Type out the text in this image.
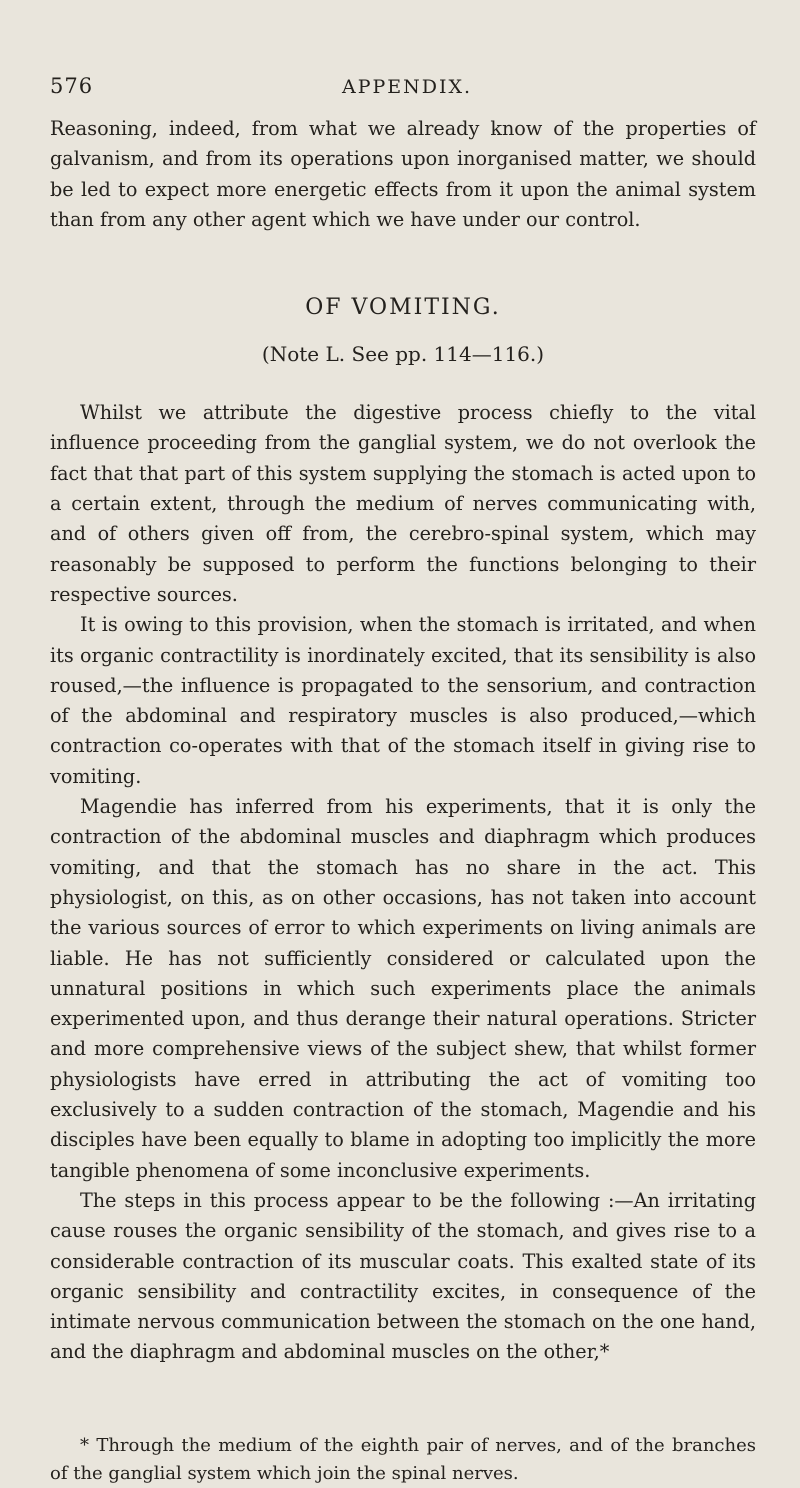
576	APPENDIX.

Reasoning, indeed, from what we already know of the properties of galvanism, and from its operations upon inorganised matter, we should be led to expect more energetic effects from it upon the animal system than from any other agent which we have under our control.

OF VOMITING.
(Note L. See pp. 114—116.)

Whilst we attribute the digestive process chiefly to the vital influence proceeding from the ganglial system, we do not overlook the fact that that part of this system supplying the stomach is acted upon to a certain extent, through the medium of nerves communicating with, and of others given off from, the cerebro-spinal system, which may reasonably be supposed to perform the functions belonging to their respective sources.

It is owing to this provision, when the stomach is irritated, and when its organic contractility is inordinately excited, that its sensibility is also roused,—the influence is propagated to the sensorium, and contraction of the abdominal and respiratory muscles is also produced,—which contraction co-operates with that of the stomach itself in giving rise to vomiting.

Magendie has inferred from his experiments, that it is only the contraction of the abdominal muscles and diaphragm which produces vomiting, and that the stomach has no share in the act. This physiologist, on this, as on other occasions, has not taken into account the various sources of error to which experiments on living animals are liable. He has not sufficiently considered or calculated upon the unnatural positions in which such experiments place the animals experimented upon, and thus derange their natural operations. Stricter and more comprehensive views of the subject shew, that whilst former physiologists have erred in attributing the act of vomiting too exclusively to a sudden contraction of the stomach, Magendie and his disciples have been equally to blame in adopting too implicitly the more tangible phenomena of some inconclusive experiments.

The steps in this process appear to be the following :—An irritating cause rouses the organic sensibility of the stomach, and gives rise to a considerable contraction of its muscular coats. This exalted state of its organic sensibility and contractility excites, in consequence of the intimate nervous communication between the stomach on the one hand, and the diaphragm and abdominal muscles on the other,*

* Through the medium of the eighth pair of nerves, and of the branches of the ganglial system which join the spinal nerves.
